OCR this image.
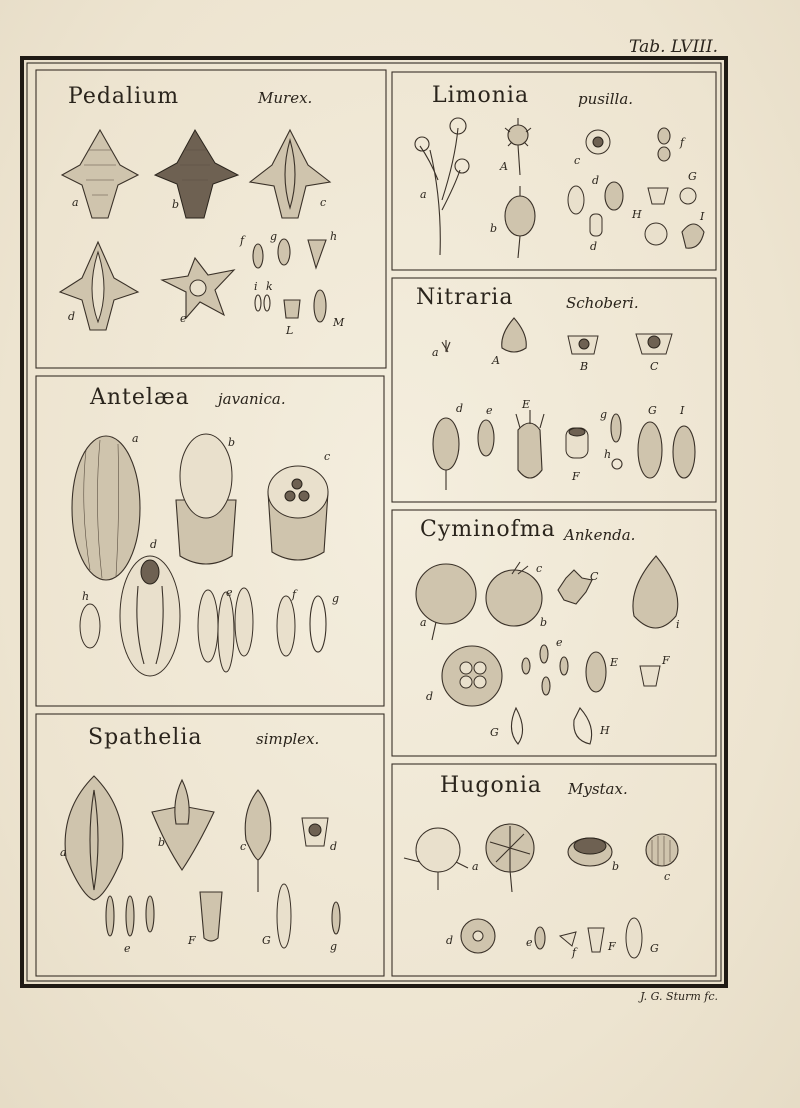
Tab. LVIII.
J. G. Sturm fc.
Pedalium	Murex.
a	b	c
d	e
f g	h
i k
L
M
Limonia	pusilla.
a
A
b
c
d
d
f
G
H	I
Nitraria	Schoberi.
a
A	B	C
d e	E
F
g	G
h
I
Antelæa javanica.
a	b
c
d
e	f	g
h
Cyminofma Ankenda.
a	b
c
C
d
e
E	F
G	H
i
Spathelia	simplex.
a
b	c	d
e
F	G	g
Hugonia Mystax.
a	b
c
d	e
f	F	G
